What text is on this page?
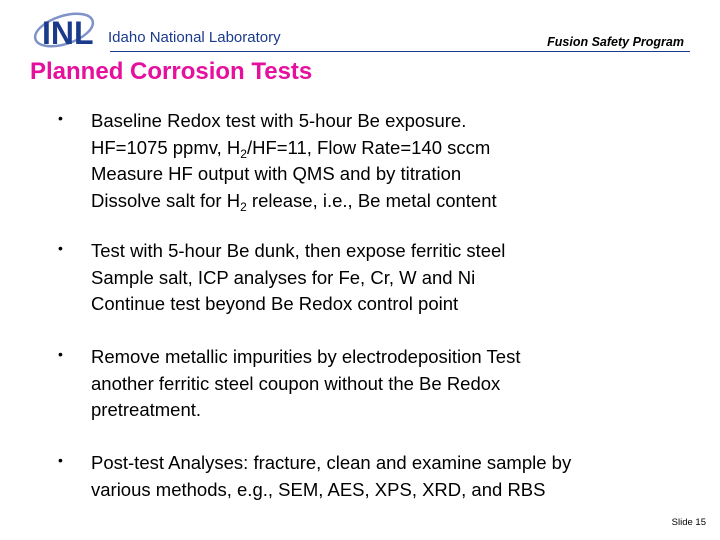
INL Idaho National Laboratory	Fusion Safety Program
Planned Corrosion Tests
• Baseline Redox test with 5-hour Be exposure.
HF=1075 ppmv, $H_2/HF=11$, Flow Rate=140 sccm
Measure HF output with QMS and by titration
Dissolve salt for $H_2$ release, i.e., Be metal content
• Test with 5-hour Be dunk, then expose ferritic steel
Sample salt, ICP analyses for Fe, Cr, W and Ni
Continue test beyond Be Redox control point
• Remove metallic impurities by electrodeposition Test
another ferritic steel coupon without the Be Redox
pretreatment.
• Post-test Analyses: fracture, clean and examine sample by
various methods, e.g., SEM, AES, XPS, XRD, and RBS
Slide 15
